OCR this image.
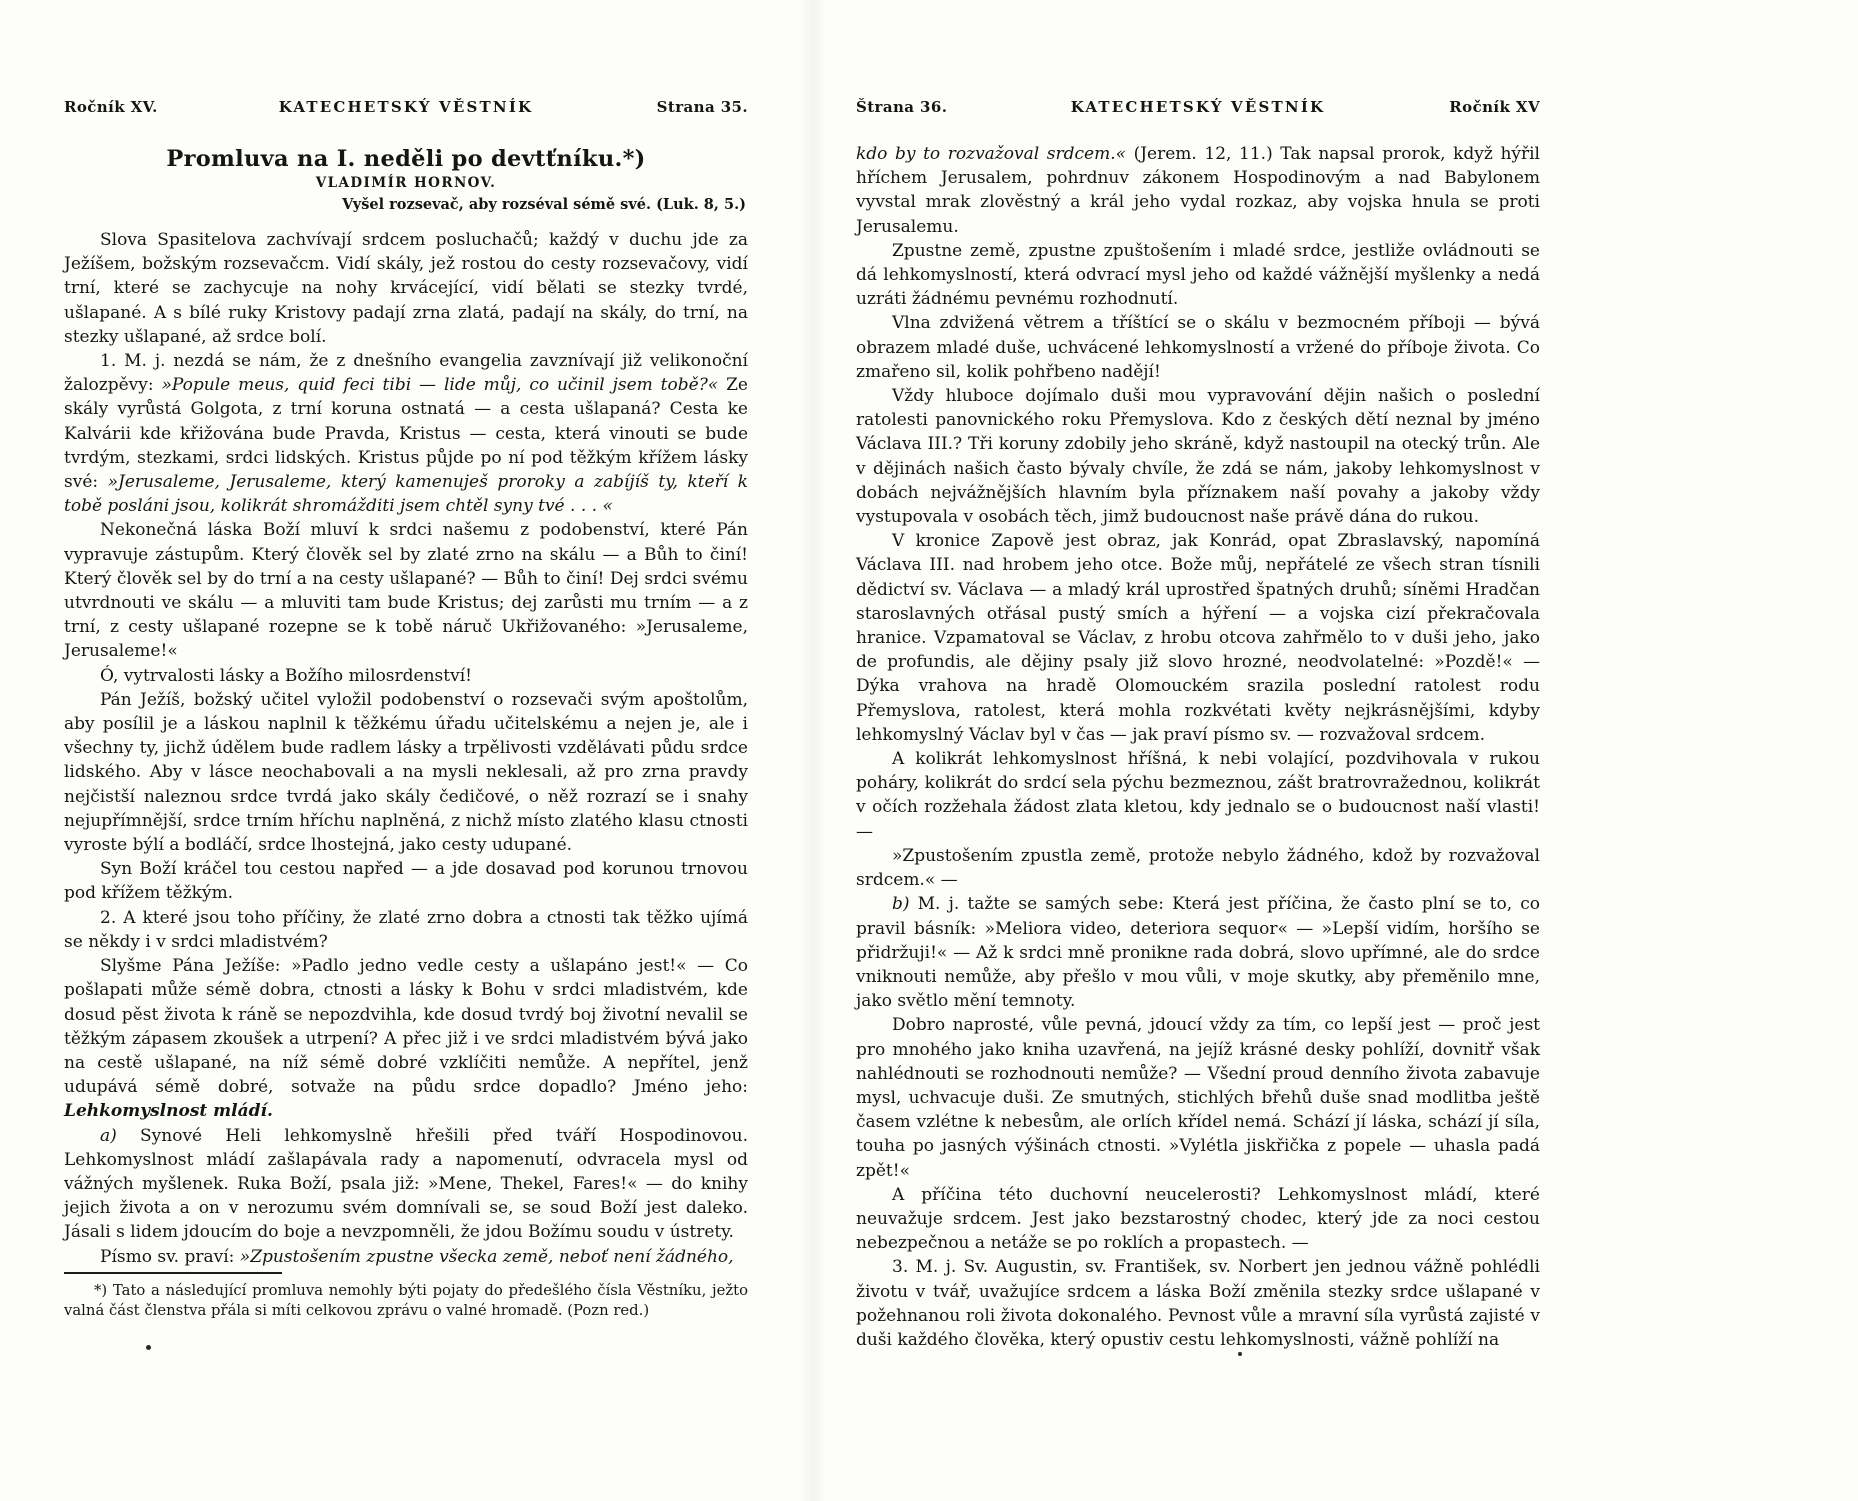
Ročník XV.	KATECHETSKÝ VĚSTNÍK	Strana 35.
Promluva na I. neděli po devtťníku.*)
VLADIMÍR HORNOV.
Vyšel rozsevač, aby rozséval sémě své. (Luk. 8, 5.)

Slova Spasitelova zachvívají srdcem posluchačů; každý v duchu jde za Ježíšem, božským rozsevačcm. Vidí skály, jež rostou do cesty rozsevačovy, vidí trní, které se zachycuje na nohy krvácející, vidí bělati se stezky tvrdé, ušlapané. A s bílé ruky Kristovy padají zrna zlatá, padají na skály, do trní, na stezky ušlapané, až srdce bolí.

1. M. j. nezdá se nám, že z dnešního evangelia zavznívají již velikonoční žalozpěvy: »Popule meus, quid feci tibi — lide můj, co učinil jsem tobě?« Ze skály vyrůstá Golgota, z trní koruna ostnatá — a cesta ušlapaná? Cesta ke Kalvárii kde křižována bude Pravda, Kristus — cesta, která vinouti se bude tvrdým, stezkami, srdci lidských. Kristus půjde po ní pod těžkým křížem lásky své: »Jerusaleme, Jerusaleme, který kamenuješ proroky a zabíjíš ty, kteří k tobě posláni jsou, kolikrát shromážditi jsem chtěl syny tvé . . . «

Nekonečná láska Boží mluví k srdci našemu z podobenství, které Pán vypravuje zástupům. Který člověk sel by zlaté zrno na skálu — a Bůh to činí! Který člověk sel by do trní a na cesty ušlapané? — Bůh to činí! Dej srdci svému utvrdnouti ve skálu — a mluviti tam bude Kristus; dej zarůsti mu trním — a z trní, z cesty ušlapané rozepne se k tobě náruč Ukřižovaného: »Jerusaleme, Jerusaleme!«

Ó, vytrvalosti lásky a Božího milosrdenství!

Pán Ježíš, božský učitel vyložil podobenství o rozsevači svým apoštolům, aby posílil je a láskou naplnil k těžkému úřadu učitelskému a nejen je, ale i všechny ty, jichž údělem bude radlem lásky a trpělivosti vzdělávati půdu srdce lidského. Aby v lásce neochabovali a na mysli neklesali, až pro zrna pravdy nejčistší naleznou srdce tvrdá jako skály čedičové, o něž rozrazí se i snahy nejupřímnější, srdce trním hříchu naplněná, z nichž místo zlatého klasu ctnosti vyroste býlí a bodláčí, srdce lhostejná, jako cesty udupané.

Syn Boží kráčel tou cestou napřed — a jde dosavad pod korunou trnovou pod křížem těžkým.

2. A které jsou toho příčiny, že zlaté zrno dobra a ctnosti tak těžko ujímá se někdy i v srdci mladistvém?

Slyšme Pána Ježíše: »Padlo jedno vedle cesty a ušlapáno jest!« — Co pošlapati může sémě dobra, ctnosti a lásky k Bohu v srdci mladistvém, kde dosud pěst života k ráně se nepozdvihla, kde dosud tvrdý boj životní nevalil se těžkým zápasem zkoušek a utrpení? A přec již i ve srdci mladistvém bývá jako na cestě ušlapané, na níž sémě dobré vzklíčiti nemůže. A nepřítel, jenž udupává sémě dobré, sotvaže na půdu srdce dopadlo? Jméno jeho: Lehkomyslnost mládí.

a) Synové Heli lehkomyslně hřešili před tváří Hospodinovou. Lehkomyslnost mládí zašlapávala rady a napomenutí, odvracela mysl od vážných myšlenek. Ruka Boží, psala již: »Mene, Thekel, Fares!« — do knihy jejich života a on v nerozumu svém domnívali se, se soud Boží jest daleko. Jásali s lidem jdoucím do boje a nevzpomněli, že jdou Božímu soudu v ústrety.

Písmo sv. praví: »Zpustošením zpustne všecka země, neboť není žádného,

*) Tato a následující promluva nemohly býti pojaty do předešlého čísla Věstníku, ježto valná část členstva přála si míti celkovou zprávu o valné hromadě. (Pozn red.)
Štrana 36.	KATECHETSKÝ VĚSTNÍK	Ročník XV

kdo by to rozvažoval srdcem.« (Jerem. 12, 11.) Tak napsal prorok, když hýřil hříchem Jerusalem, pohrdnuv zákonem Hospodinovým a nad Babylonem vyvstal mrak zlověstný a král jeho vydal rozkaz, aby vojska hnula se proti Jerusalemu.

Zpustne země, zpustne zpuštošením i mladé srdce, jestliže ovládnouti se dá lehkomyslností, která odvrací mysl jeho od každé vážnější myšlenky a nedá uzráti žádnému pevnému rozhodnutí.

Vlna zdvižená větrem a tříštící se o skálu v bezmocném příboji — bývá obrazem mladé duše, uchvácené lehkomyslností a vržené do příboje života. Co zmařeno sil, kolik pohřbeno nadějí!

Vždy hluboce dojímalo duši mou vypravování dějin našich o poslední ratolesti panovnického roku Přemyslova. Kdo z českých dětí neznal by jméno Václava III.? Tři koruny zdobily jeho skráně, když nastoupil na otecký trůn. Ale v dějinách našich často bývaly chvíle, že zdá se nám, jakoby lehkomyslnost v dobách nejvážnějších hlavním byla příznakem naší povahy a jakoby vždy vystupovala v osobách těch, jimž budoucnost naše právě dána do rukou.

V kronice Zapově jest obraz, jak Konrád, opat Zbraslavský, napomíná Václava III. nad hrobem jeho otce. Bože můj, nepřátelé ze všech stran tísnili dědictví sv. Václava — a mladý král uprostřed špatných druhů; síněmi Hradčan staroslavných otřásal pustý smích a hýření — a vojska cizí překračovala hranice. Vzpamatoval se Václav, z hrobu otcova zahřmělo to v duši jeho, jako de profundis, ale dějiny psaly již slovo hrozné, neodvolatelné: »Pozdě!« — Dýka vrahova na hradě Olomouckém srazila poslední ratolest rodu Přemyslova, ratolest, která mohla rozkvétati květy nejkrásnějšími, kdyby lehkomyslný Václav byl v čas — jak praví písmo sv. — rozvažoval srdcem.

A kolikrát lehkomyslnost hříšná, k nebi volající, pozdvihovala v rukou poháry, kolikrát do srdcí sela pýchu bezmeznou, zášt bratrovražednou, kolikrát v očích rozžehala žádost zlata kletou, kdy jednalo se o budoucnost naší vlasti! —

»Zpustošením zpustla země, protože nebylo žádného, kdož by rozvažoval srdcem.« —

b) M. j. tažte se samých sebe: Která jest příčina, že často plní se to, co pravil básník: »Meliora video, deteriora sequor« — »Lepší vidím, horšího se přidržuji!« — Až k srdci mně pronikne rada dobrá, slovo upřímné, ale do srdce vniknouti nemůže, aby přešlo v mou vůli, v moje skutky, aby přeměnilo mne, jako světlo mění temnoty.

Dobro naprosté, vůle pevná, jdoucí vždy za tím, co lepší jest — proč jest pro mnohého jako kniha uzavřená, na jejíž krásné desky pohlíží, dovnitř však nahlédnouti se rozhodnouti nemůže? — Všední proud denního života zabavuje mysl, uchvacuje duši. Ze smutných, stichlých břehů duše snad modlitba ještě časem vzlétne k nebesům, ale orlích křídel nemá. Schází jí láska, schází jí síla, touha po jasných výšinách ctnosti. »Vylétla jiskřička z popele — uhasla padá zpět!«

A příčina této duchovní neucelerosti? Lehkomyslnost mládí, které neuvažuje srdcem. Jest jako bezstarostný chodec, který jde za noci cestou nebezpečnou a netáže se po roklích a propastech. —

3. M. j. Sv. Augustin, sv. František, sv. Norbert jen jednou vážně pohlédli životu v tvář, uvažujíce srdcem a láska Boží změnila stezky srdce ušlapané v požehnanou roli života dokonalého. Pevnost vůle a mravní síla vyrůstá zajisté v duši každého člověka, který opustiv cestu lehkomyslnosti, vážně pohlíží na
